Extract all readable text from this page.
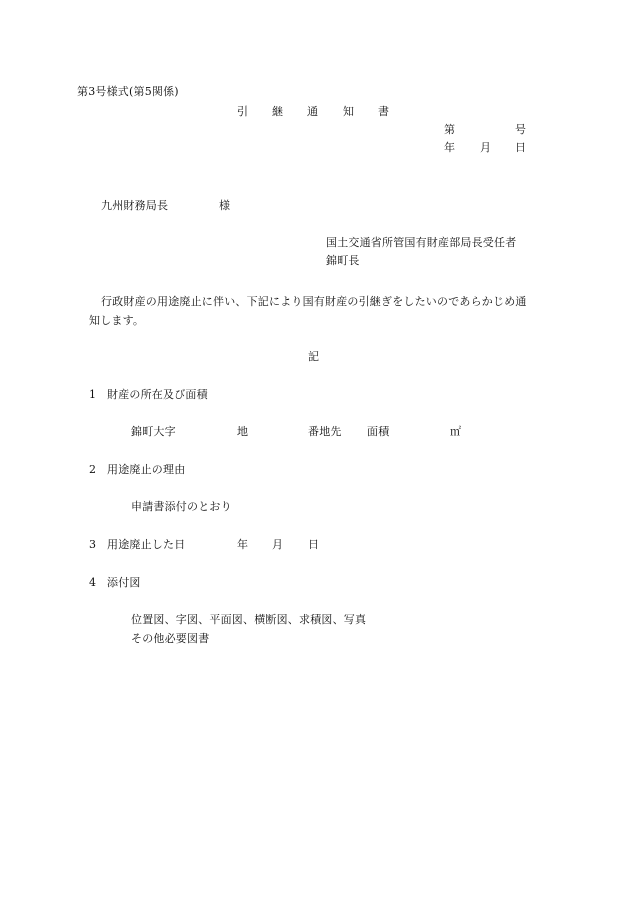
第3号様式(第5関係)
引 継 通 知 書
第	号
年 月 日
九州財務局長	様
国土交通省所管国有財産部局長受任者
錦町長
行政財産の用途廃止に伴い、下記により国有財産の引継ぎをしたいのであらかじめ通
知します。
記
1 財産の所在及び面積
錦町大字	地	番地先 面積	㎡
2 用途廃止の理由
申請書添付のとおり
3 用途廃止した日	年 月 日
4 添付図
位置図、字図、平面図、横断図、求積図、写真
その他必要図書
